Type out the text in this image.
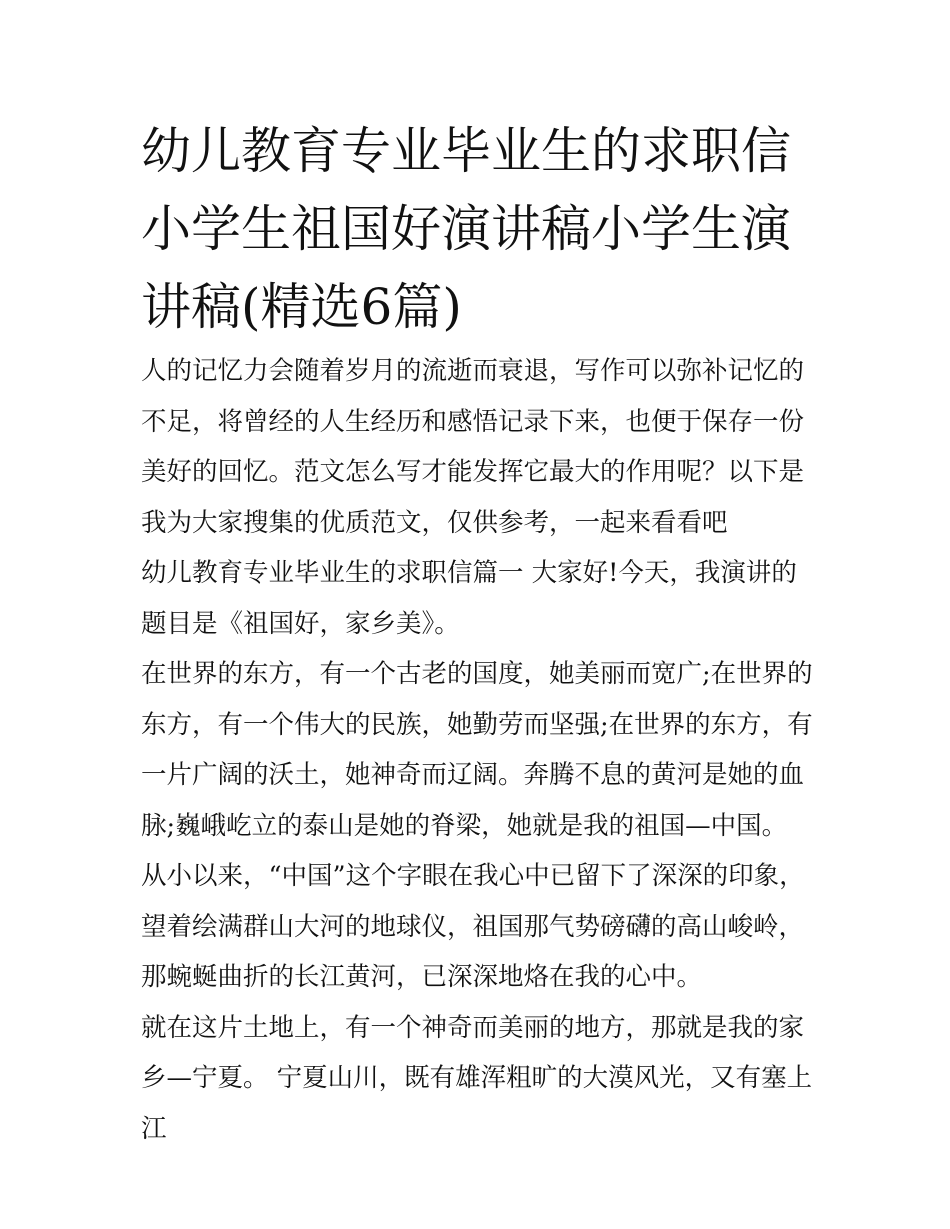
幼儿教育专业毕业生的求职信小学生祖国好演讲稿小学生演讲稿(精选6篇)

人的记忆力会随着岁月的流逝而衰退，写作可以弥补记忆的不足，将曾经的人生经历和感悟记录下来，也便于保存一份美好的回忆。范文怎么写才能发挥它最大的作用呢？以下是我为大家搜集的优质范文，仅供参考，一起来看看吧

幼儿教育专业毕业生的求职信篇一 大家好!今天，我演讲的题目是《祖国好，家乡美》。

在世界的东方，有一个古老的国度，她美丽而宽广;在世界的东方，有一个伟大的民族，她勤劳而坚强;在世界的东方，有一片广阔的沃土，她神奇而辽阔。奔腾不息的黄河是她的血脉;巍峨屹立的泰山是她的脊梁，她就是我的祖国—中国。

从小以来，“中国”这个字眼在我心中已留下了深深的印象，望着绘满群山大河的地球仪，祖国那气势磅礴的高山峻岭，那蜿蜒曲折的长江黄河，已深深地烙在我的心中。

就在这片土地上，有一个神奇而美丽的地方，那就是我的家乡—宁夏。 宁夏山川，既有雄浑粗旷的大漠风光，又有塞上江
